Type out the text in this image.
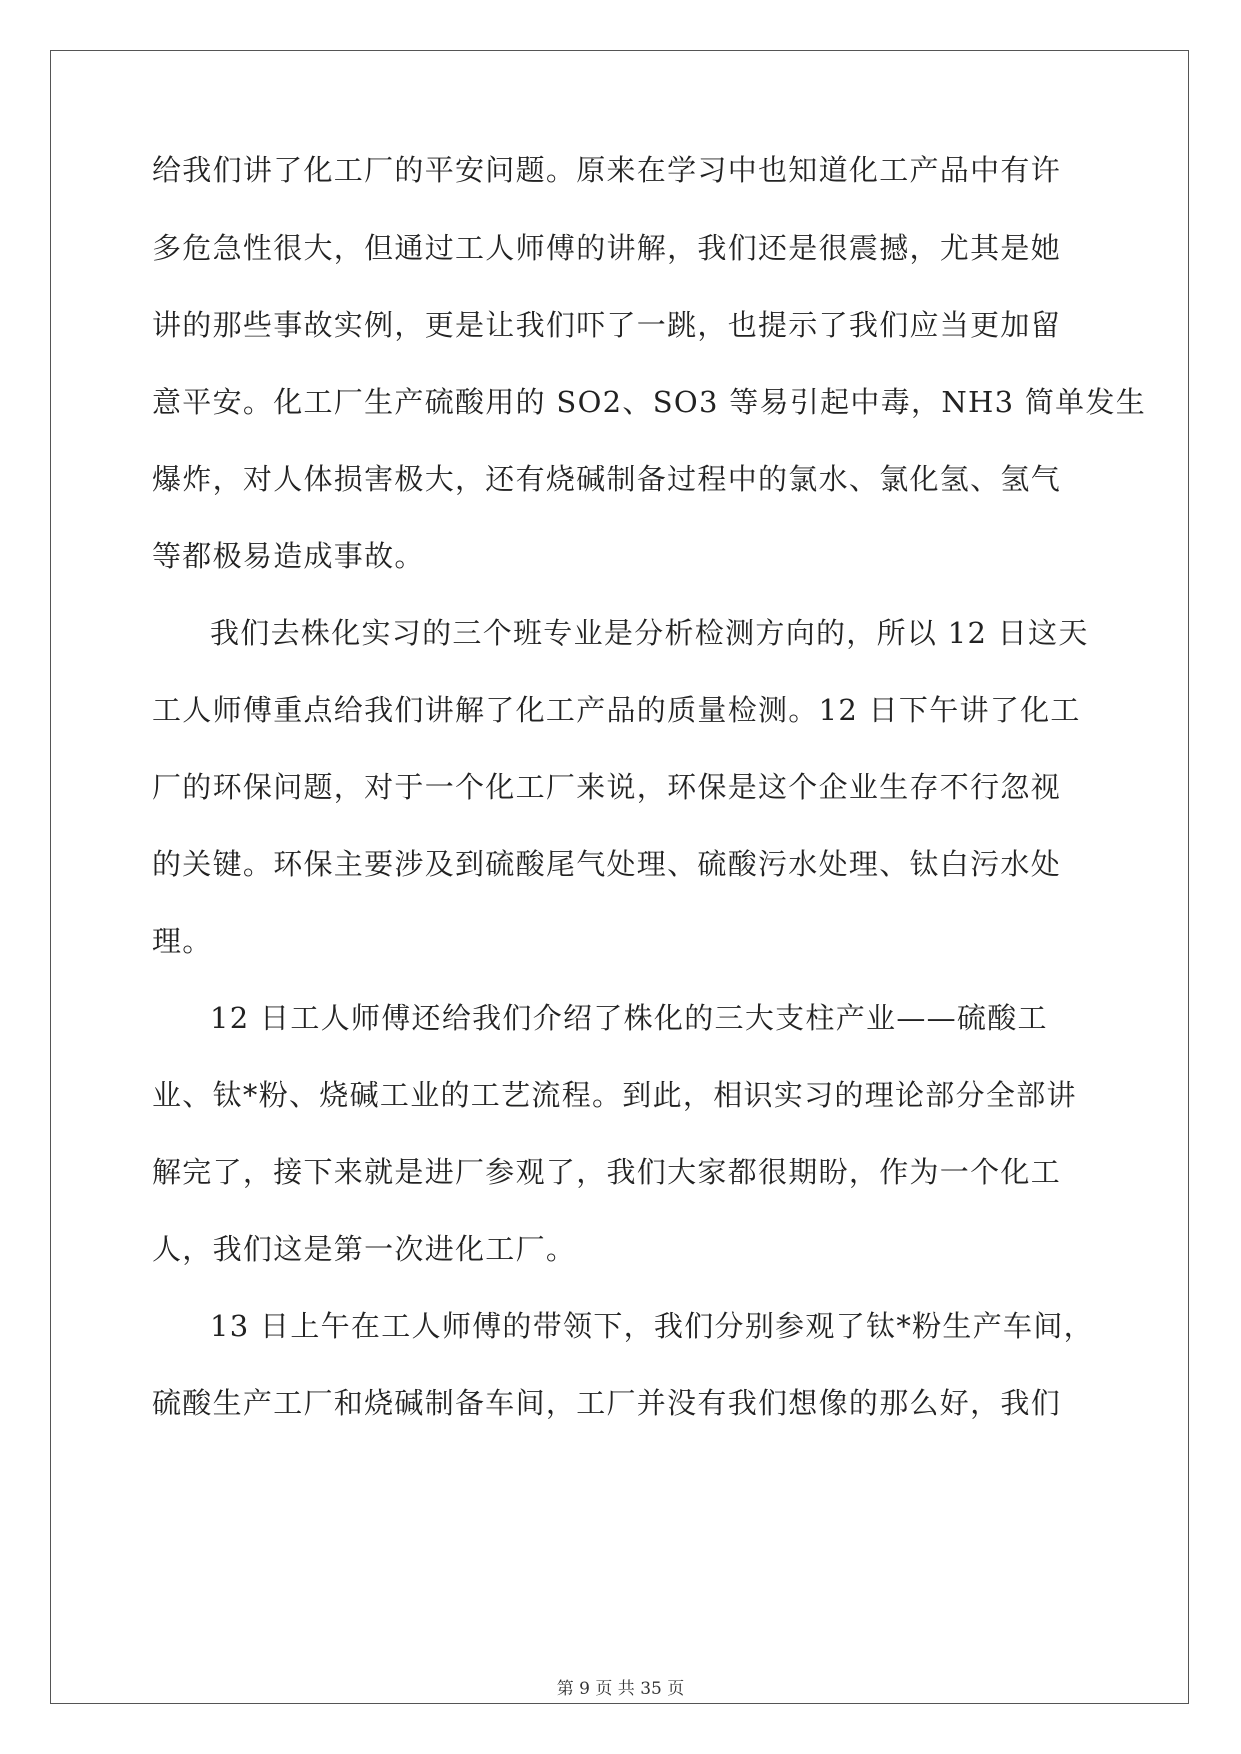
给我们讲了化工厂的平安问题。原来在学习中也知道化工产品中有许
多危急性很大，但通过工人师傅的讲解，我们还是很震撼，尤其是她
讲的那些事故实例，更是让我们吓了一跳，也提示了我们应当更加留
意平安。化工厂生产硫酸用的 SO2、SO3 等易引起中毒，NH3 简单发生
爆炸，对人体损害极大，还有烧碱制备过程中的氯水、氯化氢、氢气
等都极易造成事故。
我们去株化实习的三个班专业是分析检测方向的，所以 12 日这天
工人师傅重点给我们讲解了化工产品的质量检测。12 日下午讲了化工
厂的环保问题，对于一个化工厂来说，环保是这个企业生存不行忽视
的关键。环保主要涉及到硫酸尾气处理、硫酸污水处理、钛白污水处
理。
12 日工人师傅还给我们介绍了株化的三大支柱产业——硫酸工
业、钛*粉、烧碱工业的工艺流程。到此，相识实习的理论部分全部讲
解完了，接下来就是进厂参观了，我们大家都很期盼，作为一个化工
人，我们这是第一次进化工厂。
13 日上午在工人师傅的带领下，我们分别参观了钛*粉生产车间，
硫酸生产工厂和烧碱制备车间，工厂并没有我们想像的那么好，我们
第 9 页 共 35 页
